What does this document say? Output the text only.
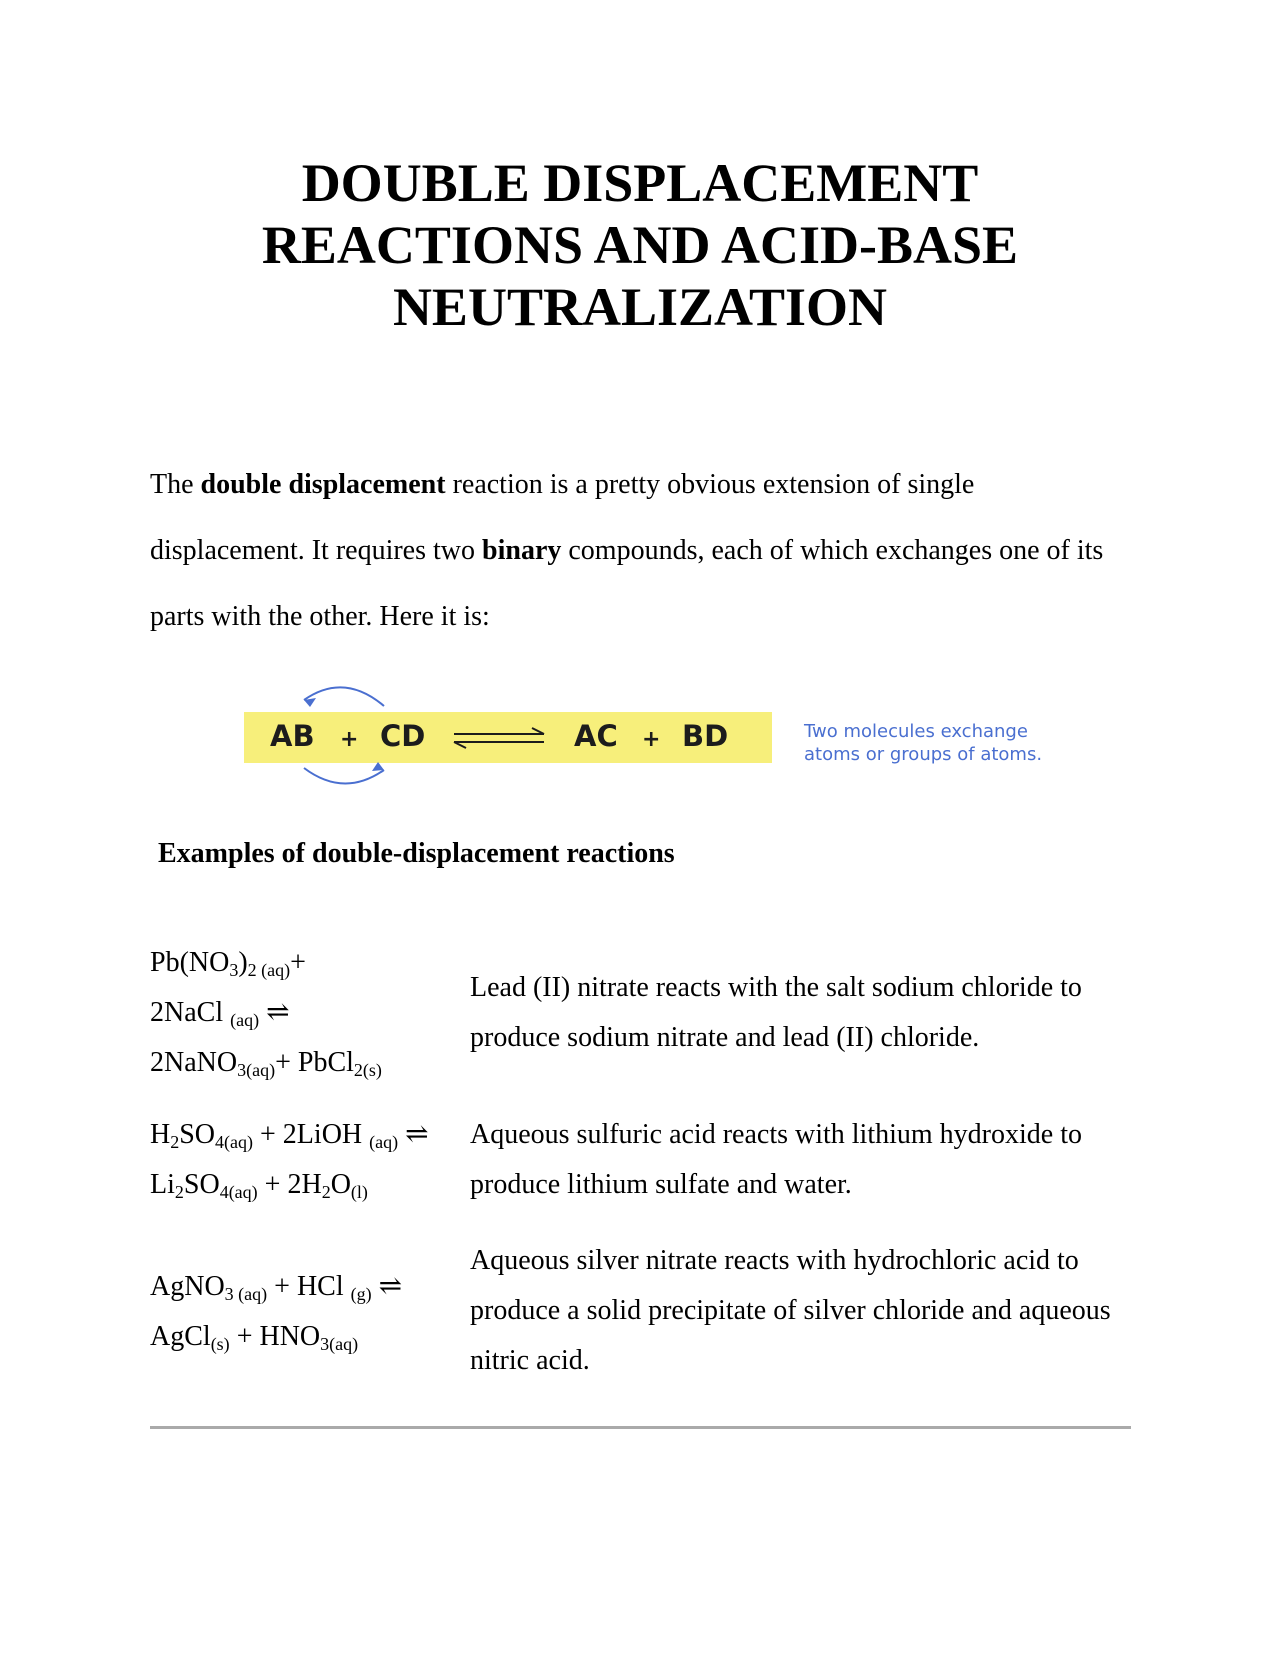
DOUBLE DISPLACEMENT
REACTIONS AND ACID-BASE
NEUTRALIZATION
The double displacement reaction is a pretty obvious extension of single displacement. It requires two binary compounds, each of which exchanges one of its parts with the other. Here it is:
AB + CD	AC + BD	Two molecules exchange
atoms or groups of atoms.
Examples of double-displacement reactions
$Pb(NO_3)_{2 (aq)}+$
2NaCl $_{(aq)}$ ⇌
2NaNO$_{3(aq)}$+ PbCl$_{2(s)}$
Lead (II) nitrate reacts with the salt sodium chloride to produce sodium nitrate and lead (II) chloride.
$H_2SO_{4(aq)}$ + 2LiOH $_{(aq)}$ ⇌
$Li_2SO_{4(aq)} + 2H_2O_{(l)}$
Aqueous sulfuric acid reacts with lithium hydroxide to produce lithium sulfate and water.
AgNO$_{3 (aq)}$ + HCl $_{(g)}$ ⇌
AgCl$_{(s)}$ + $HNO_{3(aq)}$
Aqueous silver nitrate reacts with hydrochloric acid to produce a solid precipitate of silver chloride and aqueous nitric acid.
